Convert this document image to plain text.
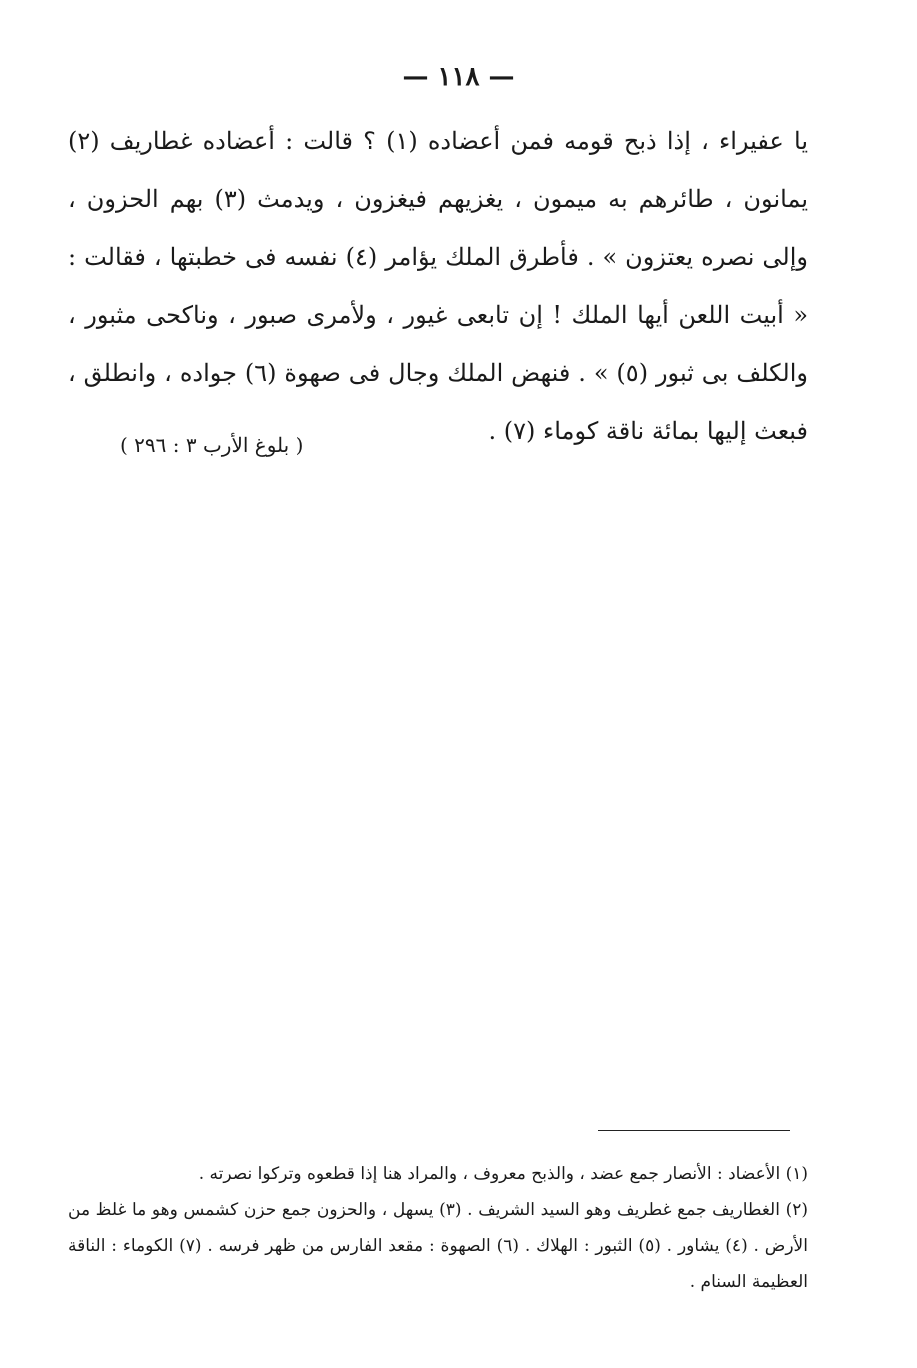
— ١١٨ —

يا عفيراء ، إذا ذبح قومه فمن أعضاده (١) ؟ قالت : أعضاده غطاريف (٢) يمانون ، طائرهم به ميمون ، يغزيهم فيغزون ، ويدمث (٣) بهم الحزون ، وإلى نصره يعتزون » . فأطرق الملك يؤامر (٤) نفسه فى خطبتها ، فقالت : « أبيت اللعن أيها الملك ! إن تابعى غيور ، ولأمرى صبور ، وناكحى مثبور ، والكلف بى ثبور (٥) » . فنهض الملك وجال فى صهوة (٦) جواده ، وانطلق ، فبعث إليها بمائة ناقة كوماء (٧) .

( بلوغ الأرب ٣ : ٢٩٦ )

(١) الأعضاد : الأنصار جمع عضد ، والذبح معروف ، والمراد هنا إذا قطعوه وتركوا نصرته .

(٢) الغطاريف جمع غطريف وهو السيد الشريف . (٣) يسهل ، والحزون جمع حزن كشمس وهو ما غلظ من الأرض . (٤) يشاور . (٥) الثبور : الهلاك . (٦) الصهوة : مقعد الفارس من ظهر فرسه . (٧) الكوماء : الناقة العظيمة السنام .
